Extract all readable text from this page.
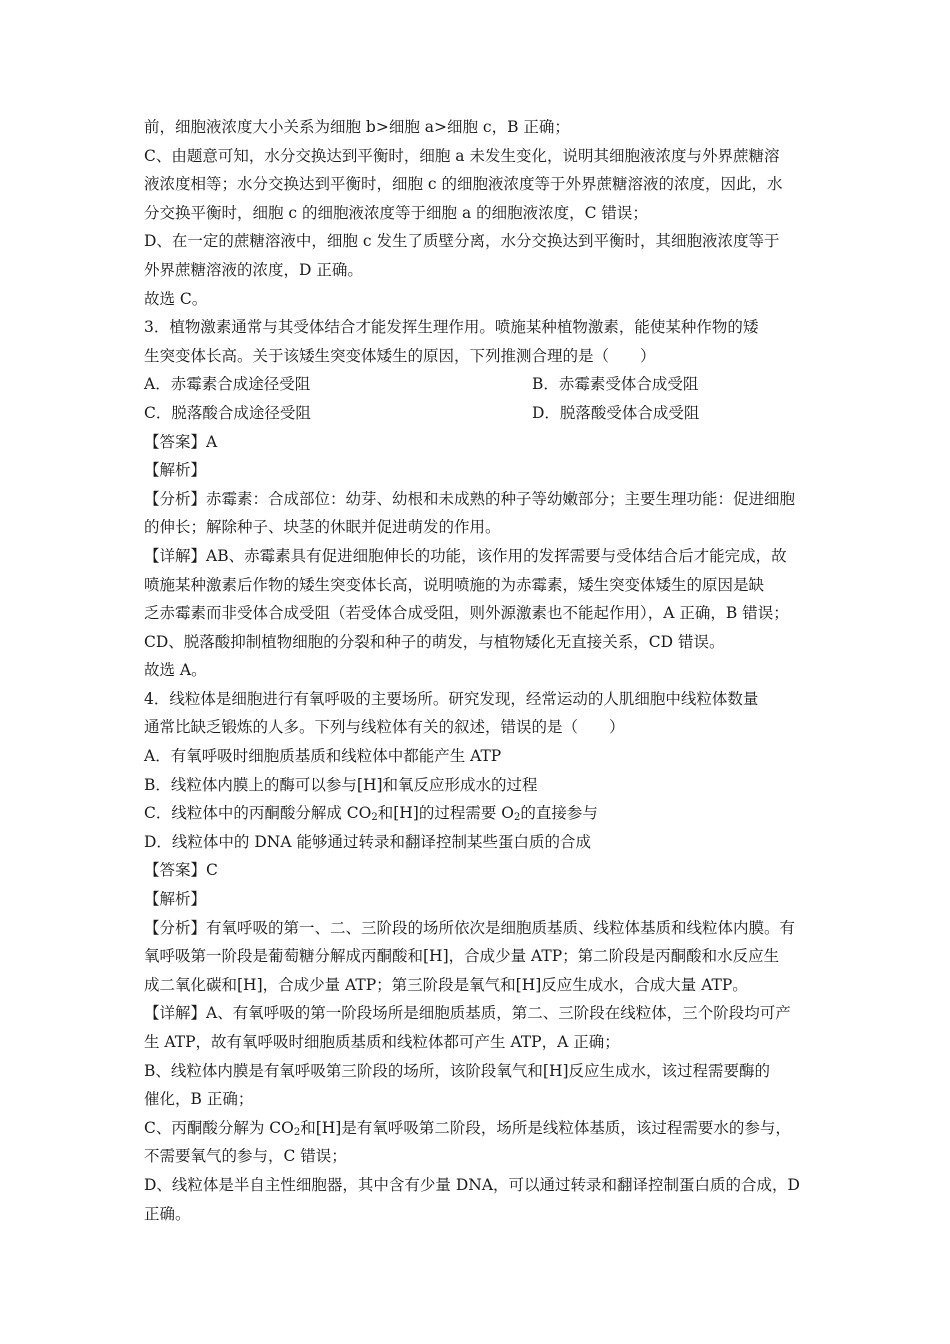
前，细胞液浓度大小关系为细胞 b>细胞 a>细胞 c，B 正确；
C、由题意可知，水分交换达到平衡时，细胞 a 未发生变化，说明其细胞液浓度与外界蔗糖溶
液浓度相等；水分交换达到平衡时，细胞 c 的细胞液浓度等于外界蔗糖溶液的浓度，因此，水
分交换平衡时，细胞 c 的细胞液浓度等于细胞 a 的细胞液浓度，C 错误；
D、在一定的蔗糖溶液中，细胞 c 发生了质壁分离，水分交换达到平衡时，其细胞液浓度等于
外界蔗糖溶液的浓度，D 正确。
故选 C。
3．植物激素通常与其受体结合才能发挥生理作用。喷施某种植物激素，能使某种作物的矮
生突变体长高。关于该矮生突变体矮生的原因，下列推测合理的是（　　）
A．赤霉素合成途径受阻	B．赤霉素受体合成受阻
C．脱落酸合成途径受阻	D．脱落酸受体合成受阻
【答案】A
【解析】
【分析】赤霉素：合成部位：幼芽、幼根和未成熟的种子等幼嫩部分；主要生理功能：促进细胞
的伸长；解除种子、块茎的休眠并促进萌发的作用。
【详解】AB、赤霉素具有促进细胞伸长的功能，该作用的发挥需要与受体结合后才能完成，故
喷施某种激素后作物的矮生突变体长高，说明喷施的为赤霉素，矮生突变体矮生的原因是缺
乏赤霉素而非受体合成受阻（若受体合成受阻，则外源激素也不能起作用），A 正确，B 错误；
CD、脱落酸抑制植物细胞的分裂和种子的萌发，与植物矮化无直接关系，CD 错误。
故选 A。
4．线粒体是细胞进行有氧呼吸的主要场所。研究发现，经常运动的人肌细胞中线粒体数量
通常比缺乏锻炼的人多。下列与线粒体有关的叙述，错误的是（　　）
A．有氧呼吸时细胞质基质和线粒体中都能产生 ATP
B．线粒体内膜上的酶可以参与[H]和氧反应形成水的过程
C．线粒体中的丙酮酸分解成 $CO_2$和[H]的过程需要 $O_2$的直接参与
D．线粒体中的 DNA 能够通过转录和翻译控制某些蛋白质的合成
【答案】C
【解析】
【分析】有氧呼吸的第一、二、三阶段的场所依次是细胞质基质、线粒体基质和线粒体内膜。有
氧呼吸第一阶段是葡萄糖分解成丙酮酸和[H]，合成少量 ATP；第二阶段是丙酮酸和水反应生
成二氧化碳和[H]，合成少量 ATP；第三阶段是氧气和[H]反应生成水，合成大量 ATP。
【详解】A、有氧呼吸的第一阶段场所是细胞质基质，第二、三阶段在线粒体，三个阶段均可产
生 ATP，故有氧呼吸时细胞质基质和线粒体都可产生 ATP，A 正确；
B、线粒体内膜是有氧呼吸第三阶段的场所，该阶段氧气和[H]反应生成水，该过程需要酶的
催化，B 正确；
C、丙酮酸分解为 $CO_2$和[H]是有氧呼吸第二阶段，场所是线粒体基质，该过程需要水的参与，
不需要氧气的参与，C 错误；
D、线粒体是半自主性细胞器，其中含有少量 DNA，可以通过转录和翻译控制蛋白质的合成，D
正确。
